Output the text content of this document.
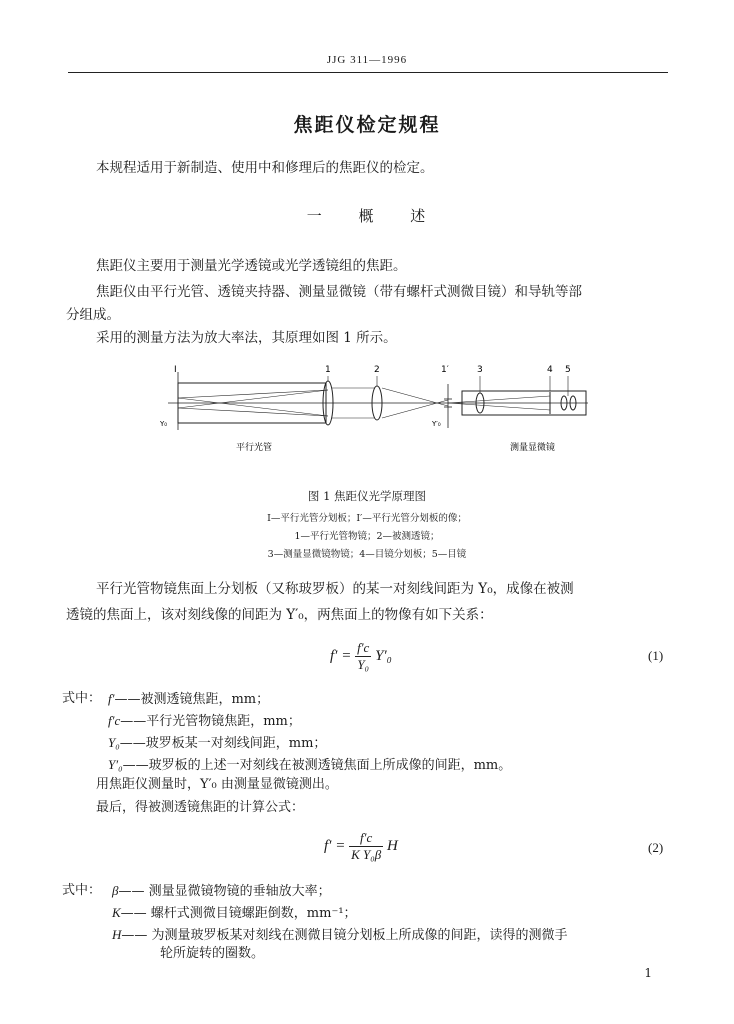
JJG 311—1996
焦距仪检定规程
本规程适用于新制造、使用中和修理后的焦距仪的检定。
一 概 述
焦距仪主要用于测量光学透镜或光学透镜组的焦距。
焦距仪由平行光管、透镜夹持器、测量显微镜（带有螺杆式测微目镜）和导轨等部
分组成。
采用的测量方法为放大率法，其原理如图 1 所示。
I	1	2	1′	3	4 5
Y₀	Y′₀
平行光管	测量显微镜
图 1 焦距仪光学原理图
I—平行光管分划板；I′—平行光管分划板的像；
1—平行光管物镜；2—被测透镜；
3—测量显微镜物镜；4—目镜分划板；5—目镜
平行光管物镜焦面上分划板（又称玻罗板）的某一对刻线间距为 Y₀，成像在被测
透镜的焦面上，该对刻线像的间距为 Y′₀，两焦面上的物像有如下关系：
$f' = \frac{f'c}{\text{Y₀}} Y'_0$	(1)
式中： f′——被测透镜焦距，mm；
f′c——平行光管物镜焦距，mm；
Y₀——玻罗板某一对刻线间距，mm；
Y′₀——玻罗板的上述一对刻线在被测透镜焦面上所成像的间距，mm。
用焦距仪测量时，Y′₀ 由测量显微镜测出。
最后，得被测透镜焦距的计算公式：
$f' = \frac{f'c}{\text{K Y₀β}}$ H	(2)
式中： β—— 测量显微镜物镜的垂轴放大率；
K—— 螺杆式测微目镜螺距倒数，mm⁻¹；
H—— 为测量玻罗板某对刻线在测微目镜分划板上所成像的间距，读得的测微手
轮所旋转的圈数。
1
